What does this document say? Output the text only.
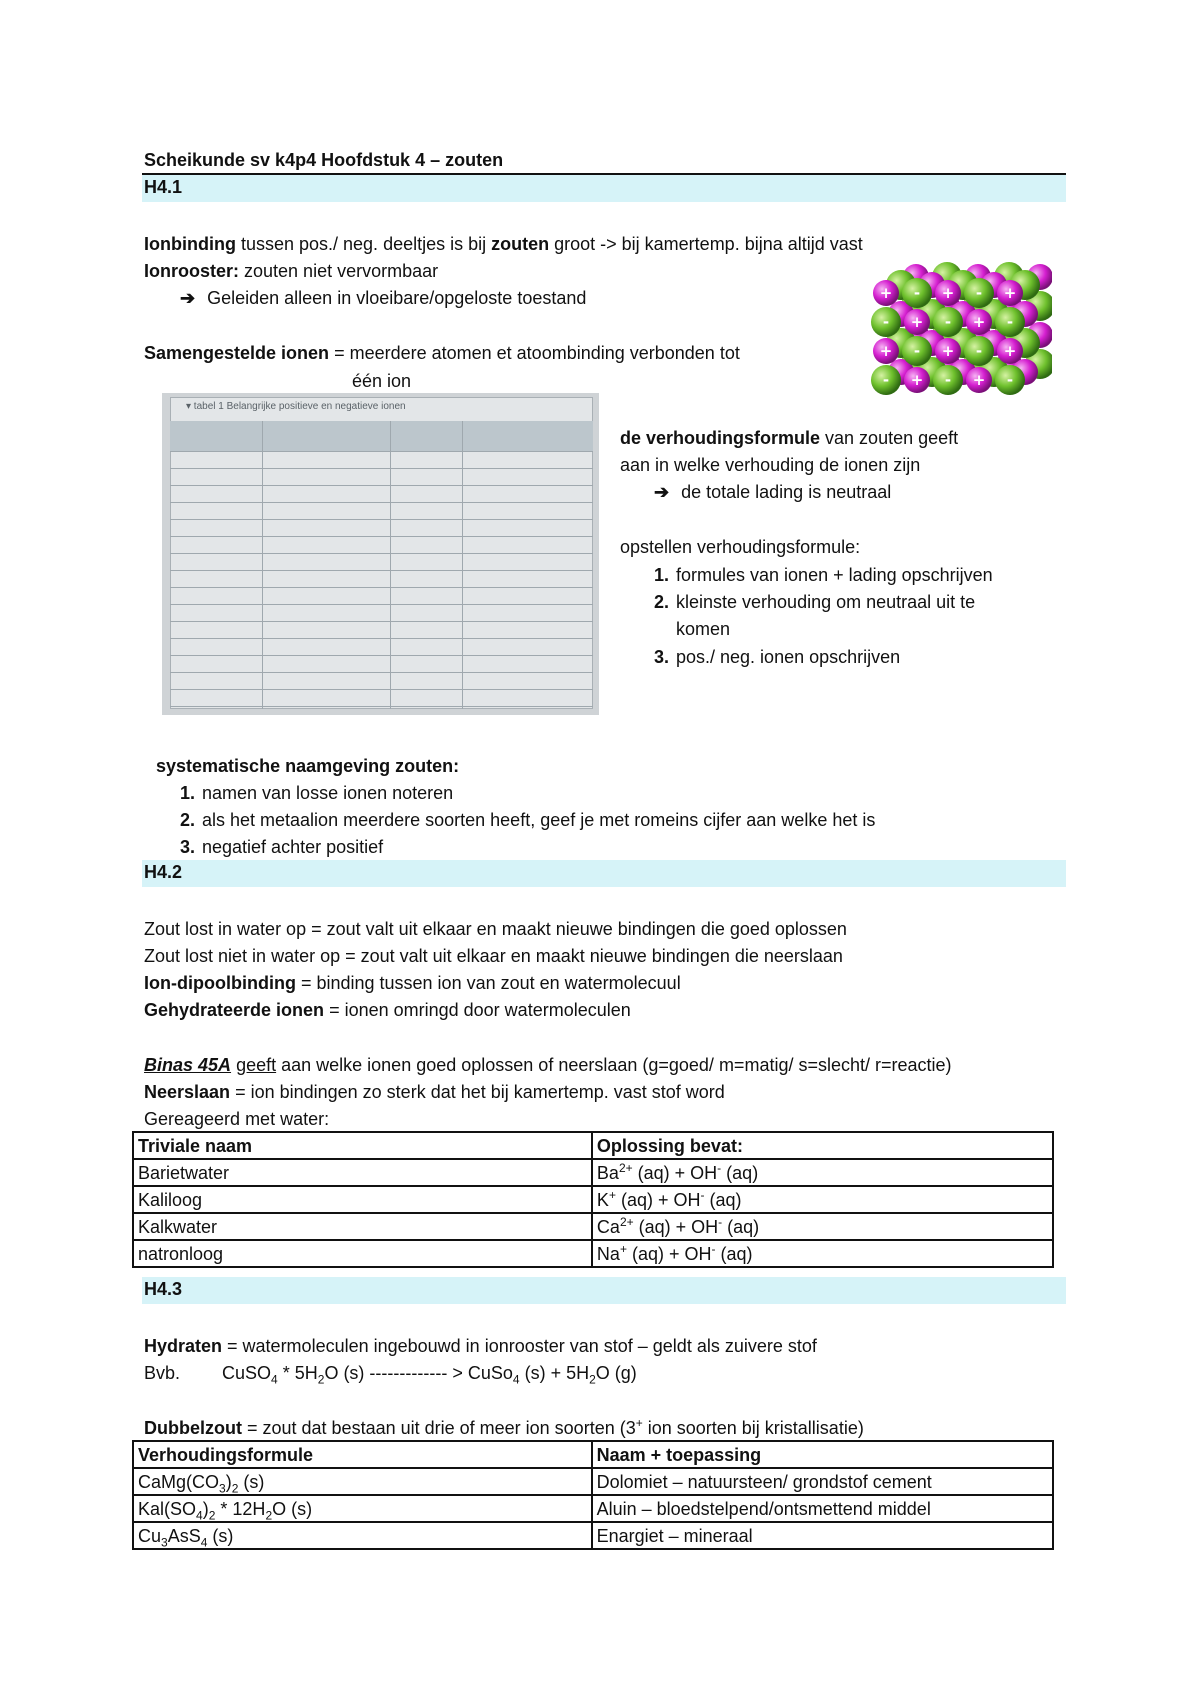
Scheikunde sv k4p4 Hoofdstuk 4 – zouten
H4.1
Ionbinding tussen pos./ neg. deeltjes is bij zouten groot -> bij kamertemp. bijna altijd vast
Ionrooster: zouten niet vervormbaar
➔ Geleiden alleen in vloeibare/opgeloste toestand
Samengestelde ionen = meerdere atomen et atoombinding verbonden tot
één ion
+ - + - +
- + - + -
+ - + - +
- + - + -
▾ tabel 1 Belangrijke positieve en negatieve ionen
de verhoudingsformule van zouten geeft
aan in welke verhouding de ionen zijn
➔ de totale lading is neutraal
opstellen verhoudingsformule:
1. formules van ionen + lading opschrijven
2. kleinste verhouding om neutraal uit te
komen
3. pos./ neg. ionen opschrijven
systematische naamgeving zouten:
1. namen van losse ionen noteren
2. als het metaalion meerdere soorten heeft, geef je met romeins cijfer aan welke het is
3. negatief achter positief
H4.2
Zout lost in water op = zout valt uit elkaar en maakt nieuwe bindingen die goed oplossen
Zout lost niet in water op = zout valt uit elkaar en maakt nieuwe bindingen die neerslaan
Ion-dipoolbinding = binding tussen ion van zout en watermolecuul
Gehydrateerde ionen = ionen omringd door watermoleculen
Binas 45A geeft aan welke ionen goed oplossen of neerslaan (g=goed/ m=matig/ s=slecht/ r=reactie)
Neerslaan = ion bindingen zo sterk dat het bij kamertemp. vast stof word
Gereageerd met water:
Triviale naam	Oplossing bevat:
Barietwater	$Ba^{2+}$ (aq) + OH- (aq)
Kaliloog	K+ (aq) + OH- (aq)
Kalkwater	$Ca^{2+}$ (aq) + OH- (aq)
natronloog	Na+ (aq) + OH- (aq)
H4.3
Hydraten = watermoleculen ingebouwd in ionrooster van stof – geldt als zuivere stof
Bvb. CuSO$_4$ * $5H_2O$ (s) ------------- > CuSo$_4$ $(s) + 5H_2O$ (g)
Dubbelzout = zout dat bestaan uit drie of meer ion soorten (3+ ion soorten bij kristallisatie)
Verhoudingsformule	Naam + toepassing
$CaMg(CO_3)_2$ (s)	Dolomiet – natuursteen/ grondstof cement
$Kal(SO_4)_2 * 12H_2O$ (s)	Aluin – bloedstelpend/ontsmettend middel
$Cu_3AsS_4$ (s)	Enargiet – mineraal
